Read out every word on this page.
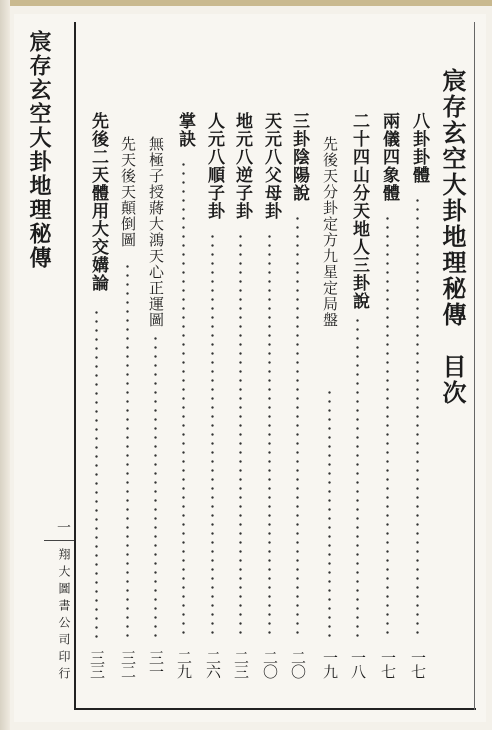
宸存玄空大卦地理秘傳
一
翔大圖書公司印行
宸存玄空大卦地理秘傳　目次
八卦卦體
一七
兩儀四象體
一七
二十四山分天地人三卦說
一八
先後天分卦定方九星定局盤
一九
三卦陰陽說
二〇
天元八父母卦
二〇
地元八逆子卦
二三
人元八順子卦
二六
掌訣
二九
無極子授蔣大鴻天心正運圖
三一
先天後天顛倒圖
三二
先後二天體用大交媾論
三三
